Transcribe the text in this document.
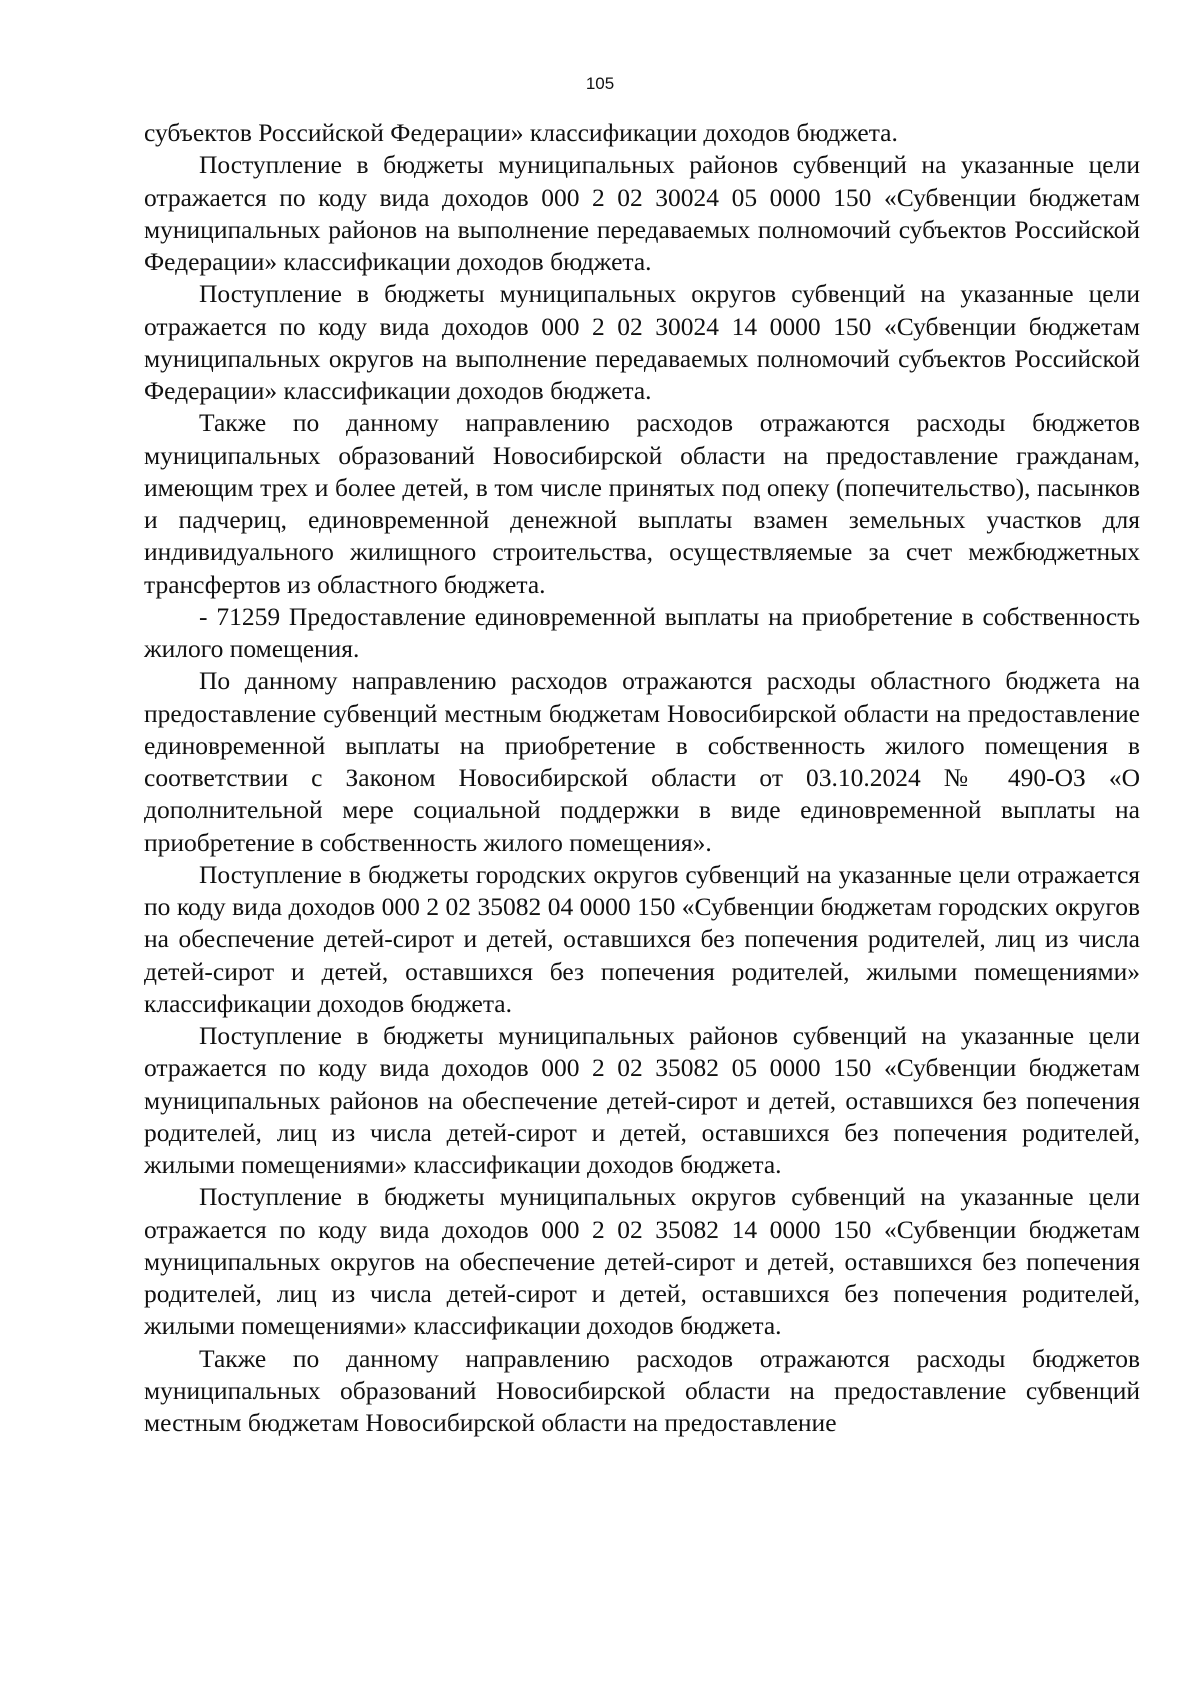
105

субъектов Российской Федерации» классификации доходов бюджета.

Поступление в бюджеты муниципальных районов субвенций на указанные цели отражается по коду вида доходов 000 2 02 30024 05 0000 150 «Субвенции бюджетам муниципальных районов на выполнение передаваемых полномочий субъектов Российской Федерации» классификации доходов бюджета.

Поступление в бюджеты муниципальных округов субвенций на указанные цели отражается по коду вида доходов 000 2 02 30024 14 0000 150 «Субвенции бюджетам муниципальных округов на выполнение передаваемых полномочий субъектов Российской Федерации» классификации доходов бюджета.

Также по данному направлению расходов отражаются расходы бюджетов муниципальных образований Новосибирской области на предоставление гражданам, имеющим трех и более детей, в том числе принятых под опеку (попечительство), пасынков и падчериц, единовременной денежной выплаты взамен земельных участков для индивидуального жилищного строительства, осуществляемые за счет межбюджетных трансфертов из областного бюджета.

- 71259 Предоставление единовременной выплаты на приобретение в собственность жилого помещения.

По данному направлению расходов отражаются расходы областного бюджета на предоставление субвенций местным бюджетам Новосибирской области на предоставление единовременной выплаты на приобретение в собственность жилого помещения в соответствии с Законом Новосибирской области от 03.10.2024 № 490-ОЗ «О дополнительной мере социальной поддержки в виде единовременной выплаты на приобретение в собственность жилого помещения».

Поступление в бюджеты городских округов субвенций на указанные цели отражается по коду вида доходов 000 2 02 35082 04 0000 150 «Субвенции бюджетам городских округов на обеспечение детей-сирот и детей, оставшихся без попечения родителей, лиц из числа детей-сирот и детей, оставшихся без попечения родителей, жилыми помещениями» классификации доходов бюджета.

Поступление в бюджеты муниципальных районов субвенций на указанные цели отражается по коду вида доходов 000 2 02 35082 05 0000 150 «Субвенции бюджетам муниципальных районов на обеспечение детей-сирот и детей, оставшихся без попечения родителей, лиц из числа детей-сирот и детей, оставшихся без попечения родителей, жилыми помещениями» классификации доходов бюджета.

Поступление в бюджеты муниципальных округов субвенций на указанные цели отражается по коду вида доходов 000 2 02 35082 14 0000 150 «Субвенции бюджетам муниципальных округов на обеспечение детей-сирот и детей, оставшихся без попечения родителей, лиц из числа детей-сирот и детей, оставшихся без попечения родителей, жилыми помещениями» классификации доходов бюджета.

Также по данному направлению расходов отражаются расходы бюджетов муниципальных образований Новосибирской области на предоставление субвенций местным бюджетам Новосибирской области на предоставление
